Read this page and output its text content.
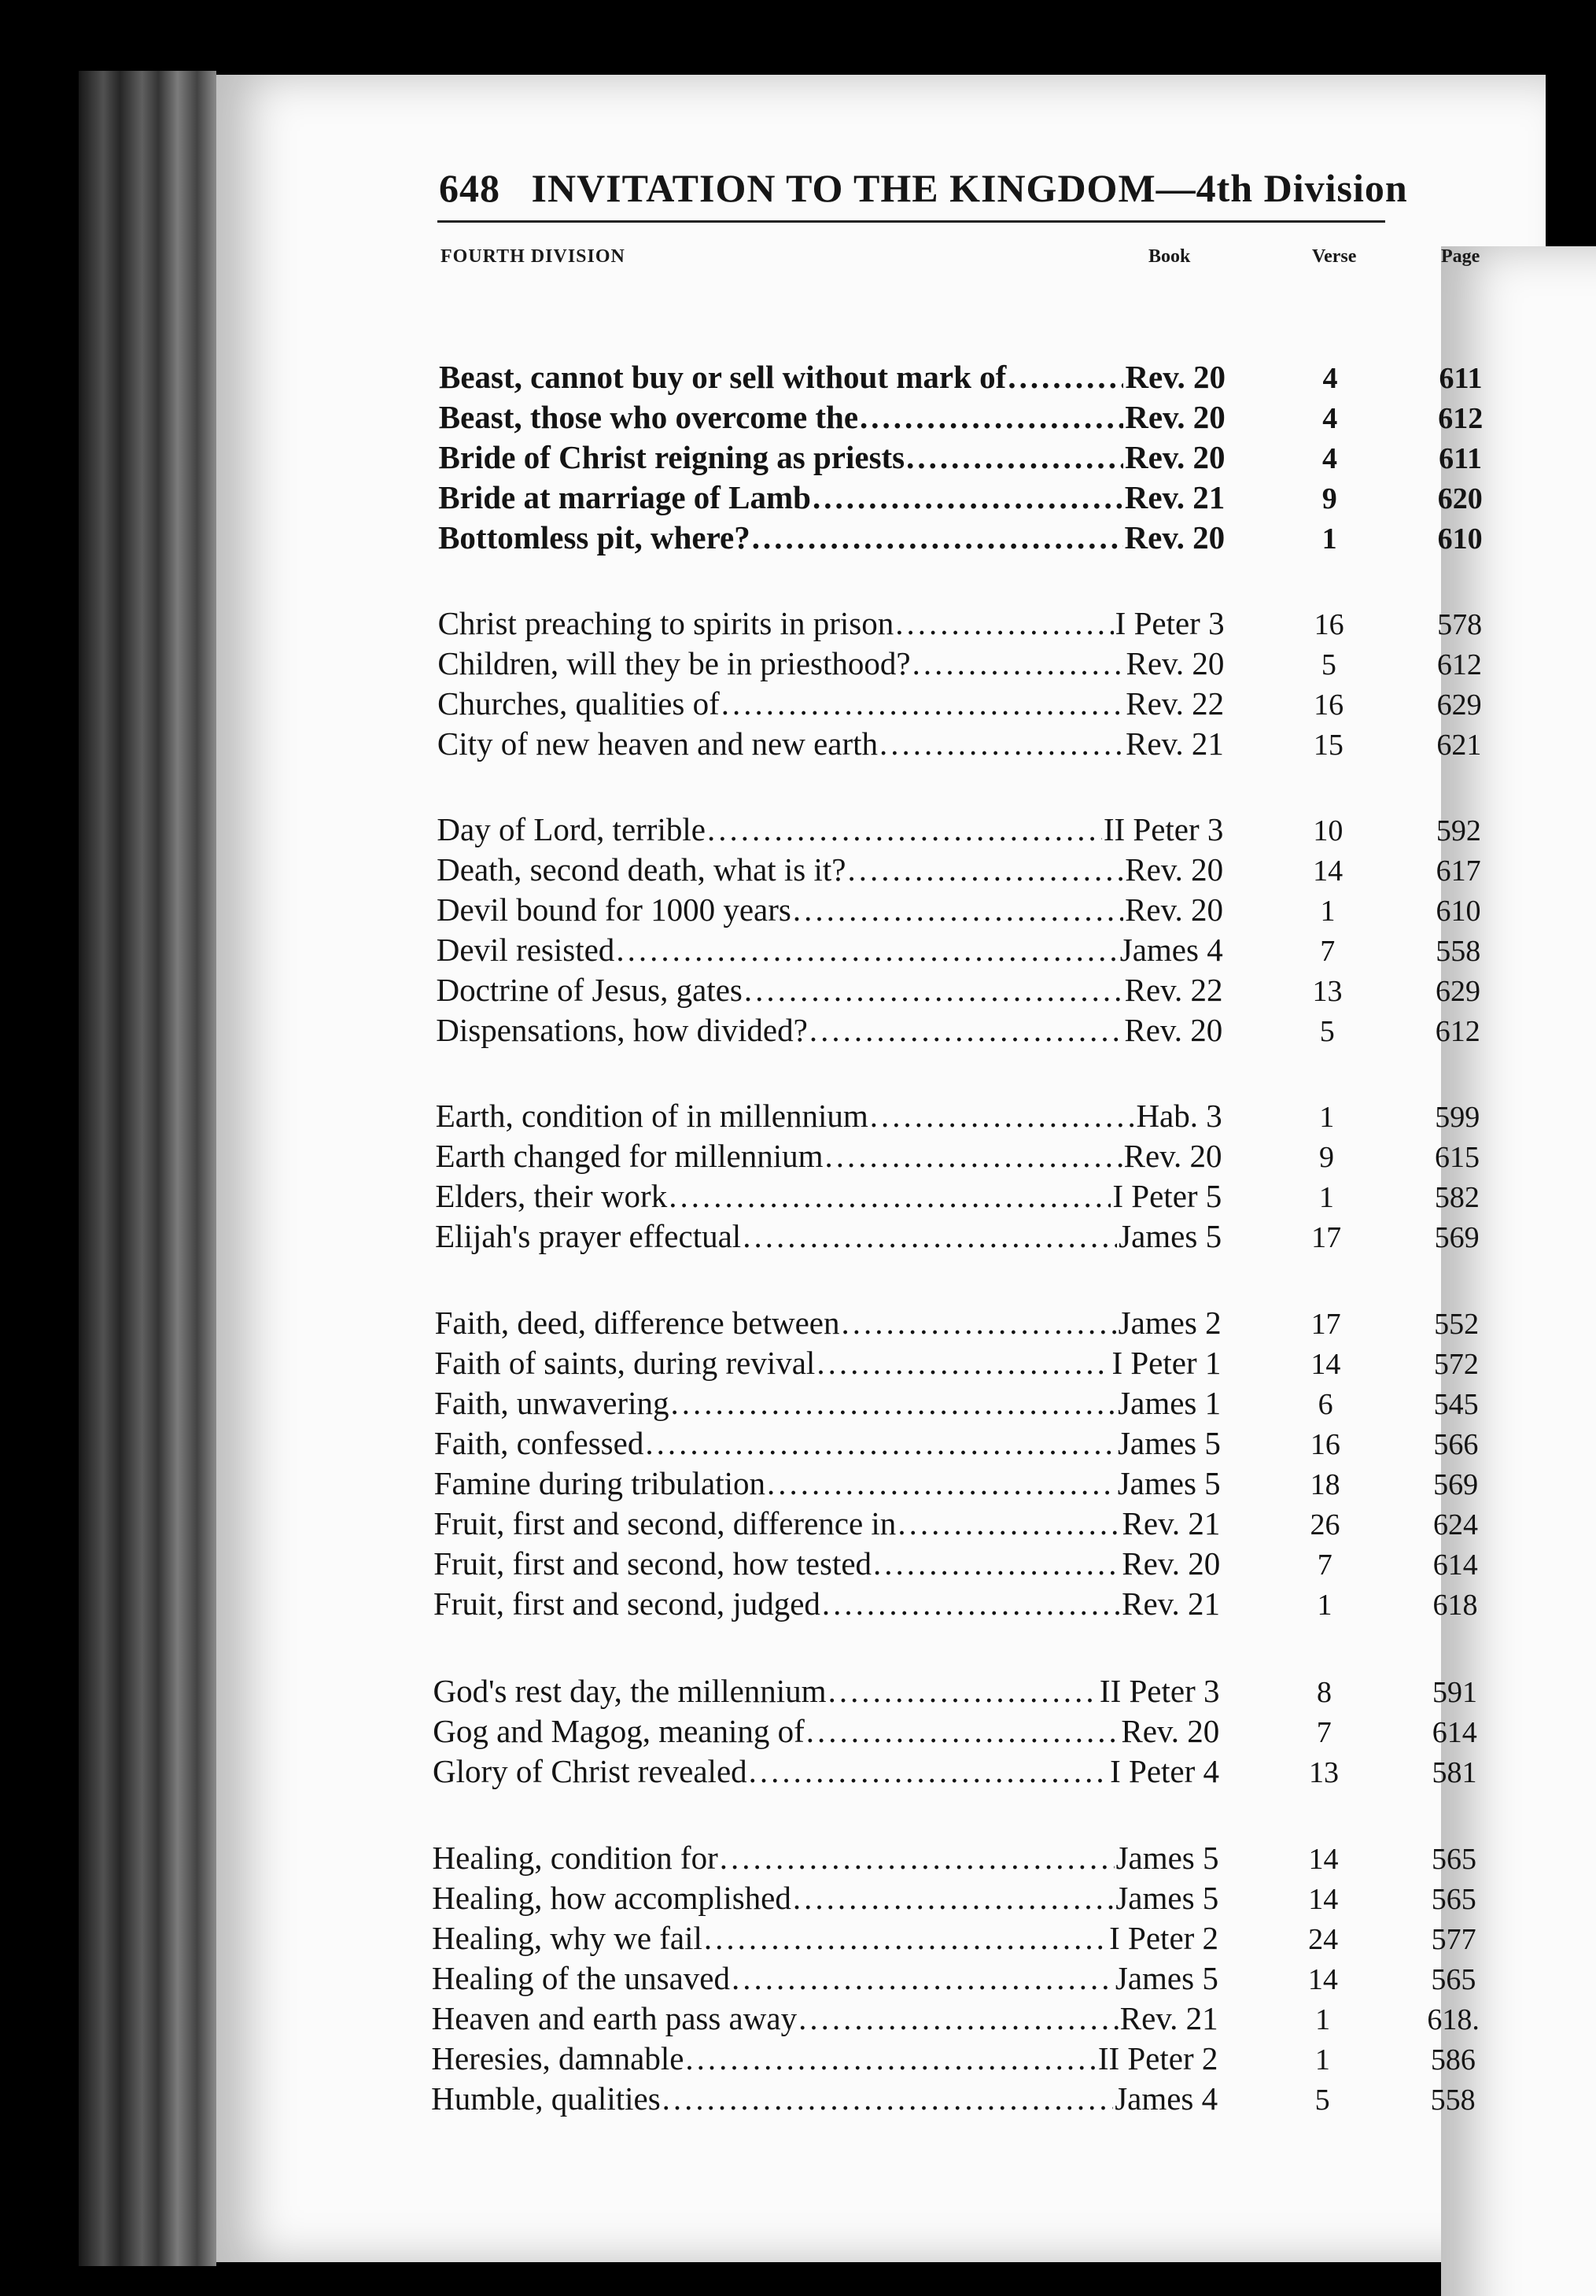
648 INVITATION TO THE KINGDOM—4th Division
FOURTH DIVISION	Book	Verse	Page
Beast, cannot buy or sell without mark of .....	Rev. 20	4	611
Beast, those who overcome the .....	Rev. 20	4	612
Bride of Christ reigning as priests .....	Rev. 20	4	611
Bride at marriage of Lamb .....	Rev. 21	9	620
Bottomless pit, where? .....	Rev. 20	1	610
Christ preaching to spirits in prison .....	I Peter 3	16	578
Children, will they be in priesthood? .....	Rev. 20	5	612
Churches, qualities of .....	Rev. 22	16	629
City of new heaven and new earth .....	Rev. 21	15	621
Day of Lord, terrible .....	II Peter 3	10	592
Death, second death, what is it? .....	Rev. 20	14	617
Devil bound for 1000 years .....	Rev. 20	1	610
Devil resisted .....	James 4	7	558
Doctrine of Jesus, gates .....	Rev. 22	13	629
Dispensations, how divided? .....	Rev. 20	5	612
Earth, condition of in millennium .....	Hab. 3	1	599
Earth changed for millennium .....	Rev. 20	9	615
Elders, their work .....	I Peter 5	1	582
Elijah's prayer effectual .....	James 5	17	569
Faith, deed, difference between .....	James 2	17	552
Faith of saints, during revival .....	I Peter 1	14	572
Faith, unwavering .....	James 1	6	545
Faith, confessed .....	James 5	16	566
Famine during tribulation .....	James 5	18	569
Fruit, first and second, difference in .....	Rev. 21	26	624
Fruit, first and second, how tested .....	Rev. 20	7	614
Fruit, first and second, judged .....	Rev. 21	1	618
God's rest day, the millennium .....	II Peter 3	8	591
Gog and Magog, meaning of .....	Rev. 20	7	614
Glory of Christ revealed .....	I Peter 4	13	581
Healing, condition for .....	James 5	14	565
Healing, how accomplished .....	James 5	14	565
Healing, why we fail .....	I Peter 2	24	577
Healing of the unsaved .....	James 5	14	565
Heaven and earth pass away .....	Rev. 21	1	618.
Heresies, damnable .....	II Peter 2	1	586
Humble, qualities .....	James 4	5	558
